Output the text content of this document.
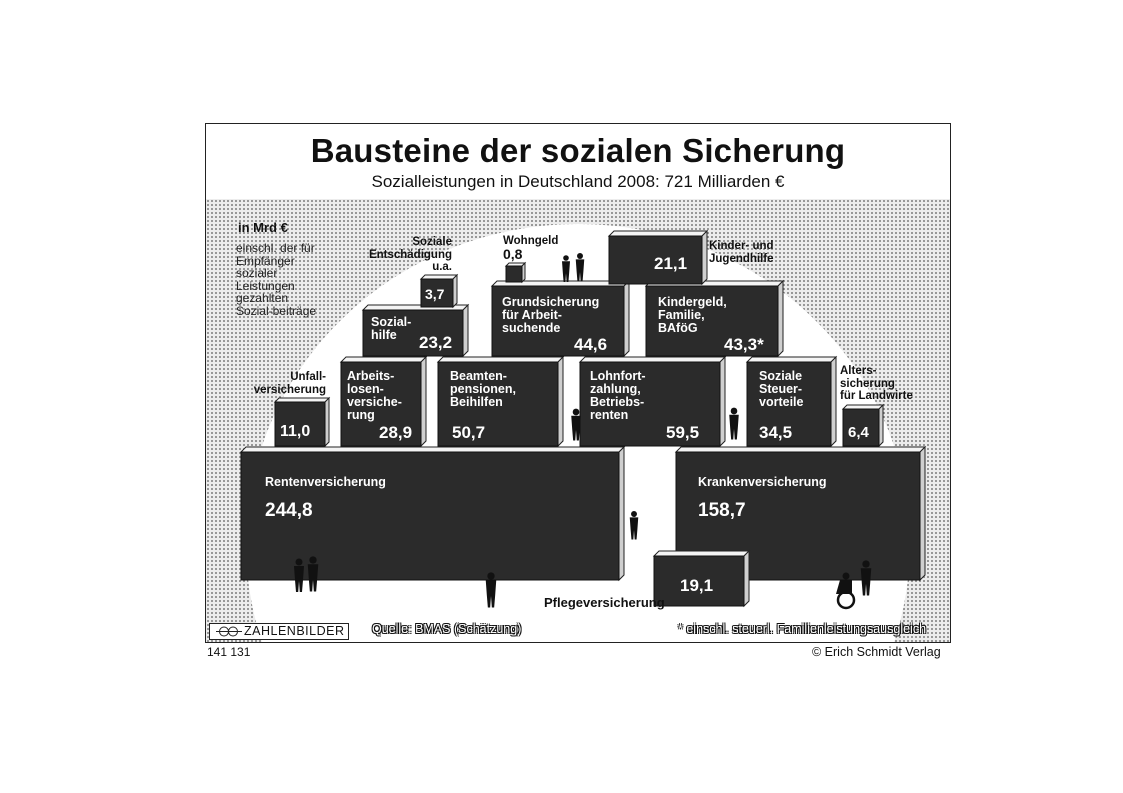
Bausteine der sozialen Sicherung
Sozialleistungen in Deutschland 2008: 721 Milliarden €
in Mrd €
einschl. der für Empfänger sozialer Leistungen gezahlten Sozial-beiträge
Rentenversicherung
244,8
Krankenversicherung
158,7
Lohnfort-
zahlung,
Betriebs-
renten
59,5
Beamten-
pensionen,
Beihilfen
50,7
Grundsicherung
für Arbeit-
suchende
44,6
Kindergeld,
Familie,
BAföG
43,3*
Soziale
Steuer-
vorteile
34,5
Arbeits-
losen-
versiche-
rung
28,9
Sozial-
hilfe 23,2
19,1
21,1
11,0	6,4
3,7
Soziale
Entschädigung
u.a.
Wohngeld
0,8	Kinder- und
Jugendhilfe
Unfall-
versicherung
Alters-
sicherung
für Landwirte
Pflegeversicherung
ZAHLENBILDER	Quelle: BMAS (Schätzung)	* einschl. steuerl. Familienleistungsausgleich
141 131	© Erich Schmidt Verlag
